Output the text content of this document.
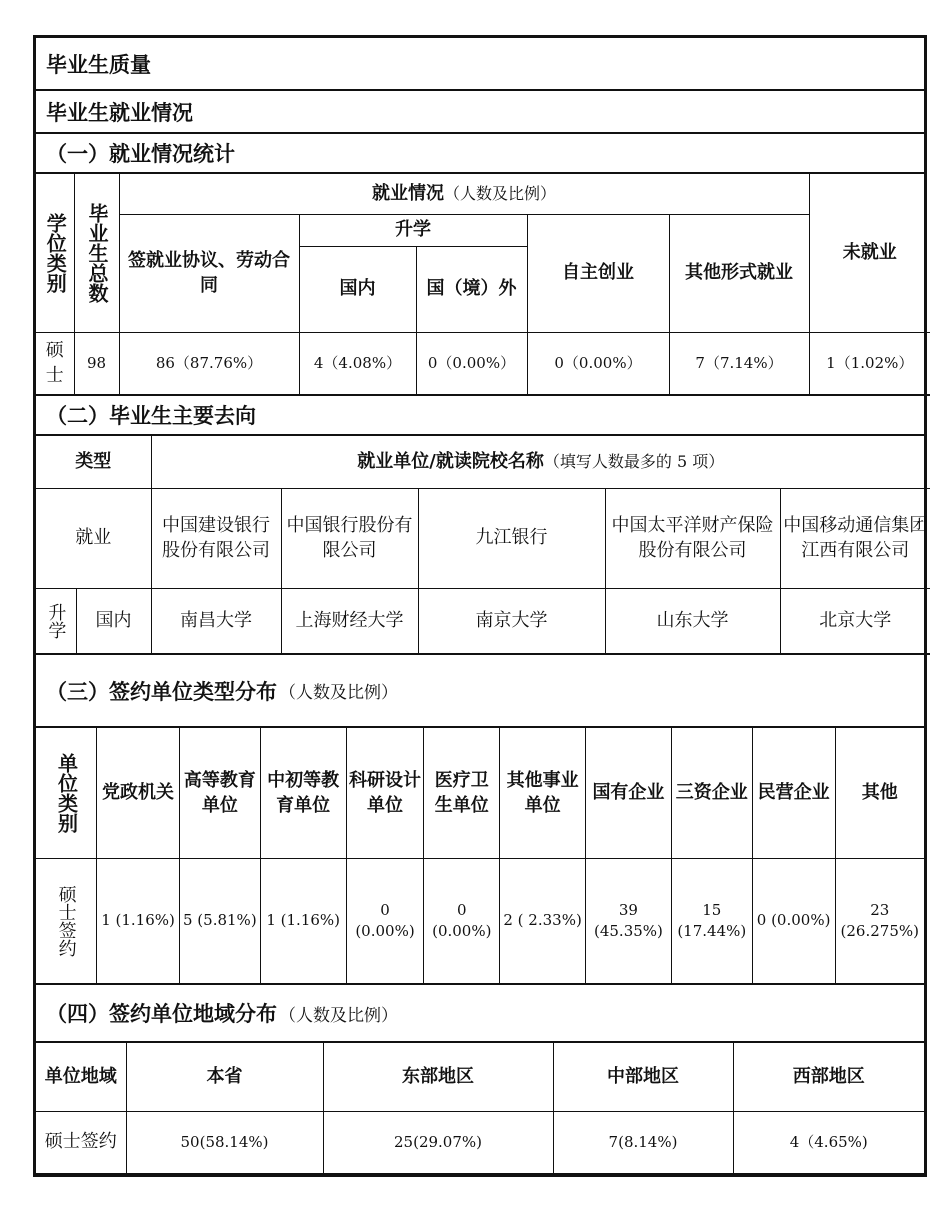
毕业生质量
毕业生就业情况
（一）就业情况统计
学位类别	毕业生总数	就业情况（人数及比例）					未就业
		签就业协议、劳动合同	升学		自主创业	其他形式就业	
			国内	国（境）外			
硕士	98	86（87.76%）	4（4.08%）	0（0.00%）	0（0.00%）	7（7.14%）	1（1.02%）
（二）毕业生主要去向
类型		就业单位/就读院校名称（填写人数最多的 5 项）				
就业		中国建设银行股份有限公司	中国银行股份有限公司	九江银行	中国太平洋财产保险股份有限公司	中国移动通信集团江西有限公司

升学	国内	南昌大学	上海财经大学	南京大学	山东大学	北京大学
（三）签约单位类型分布 （人数及比例）
单位类别	党政机关	高等教育单位	中初等教育单位	科研设计单位	医疗卫生单位	其他事业单位	国有企业	三资企业	民营企业	其他

硕士签约	1 (1.16%)	5 (5.81%)	1 (1.16%)	0 (0.00%)	0 (0.00%)	2 ( 2.33%)	39 (45.35%)	15 (17.44%)	0 (0.00%)	23 (26.275%)
（四）签约单位地域分布 （人数及比例）
单位地域	本省	东部地区	中部地区	西部地区
硕士签约	50(58.14%)	25(29.07%)	7(8.14%)	4（4.65%)
